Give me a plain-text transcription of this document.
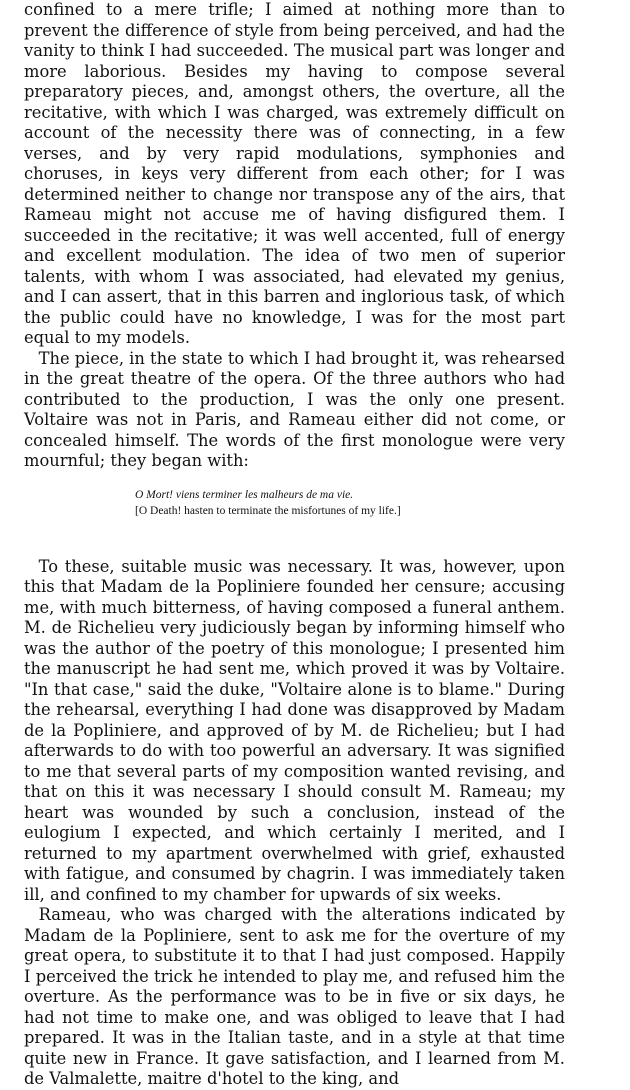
confined to a mere trifle; I aimed at nothing more than to prevent the difference of style from being perceived, and had the vanity to think I had succeeded. The musical part was longer and more laborious. Besides my having to compose several preparatory pieces, and, amongst others, the overture, all the recitative, with which I was charged, was extremely difficult on account of the necessity there was of connecting, in a few verses, and by very rapid modulations, symphonies and choruses, in keys very different from each other; for I was determined neither to change nor transpose any of the airs, that Rameau might not accuse me of having disfigured them. I succeeded in the recitative; it was well accented, full of energy and excellent modulation. The idea of two men of superior talents, with whom I was associated, had elevated my genius, and I can assert, that in this barren and inglorious task, of which the public could have no knowledge, I was for the most part equal to my models.

The piece, in the state to which I had brought it, was rehearsed in the great theatre of the opera. Of the three authors who had contributed to the production, I was the only one present. Voltaire was not in Paris, and Rameau either did not come, or concealed himself. The words of the first monologue were very mournful; they began with:

O Mort! viens terminer les malheurs de ma vie.
[O Death! hasten to terminate the misfortunes of my life.]

To these, suitable music was necessary. It was, however, upon this that Madam de la Popliniere founded her censure; accusing me, with much bitterness, of having composed a funeral anthem. M. de Richelieu very judiciously began by informing himself who was the author of the poetry of this monologue; I presented him the manuscript he had sent me, which proved it was by Voltaire. "In that case," said the duke, "Voltaire alone is to blame." During the rehearsal, everything I had done was disapproved by Madam de la Popliniere, and approved of by M. de Richelieu; but I had afterwards to do with too powerful an adversary. It was signified to me that several parts of my composition wanted revising, and that on this it was necessary I should consult M. Rameau; my heart was wounded by such a conclusion, instead of the eulogium I expected, and which certainly I merited, and I returned to my apartment overwhelmed with grief, exhausted with fatigue, and consumed by chagrin. I was immediately taken ill, and confined to my chamber for upwards of six weeks.

Rameau, who was charged with the alterations indicated by Madam de la Popliniere, sent to ask me for the overture of my great opera, to substitute it to that I had just composed. Happily I perceived the trick he intended to play me, and refused him the overture. As the performance was to be in five or six days, he had not time to make one, and was obliged to leave that I had prepared. It was in the Italian taste, and in a style at that time quite new in France. It gave satisfaction, and I learned from M. de Valmalette, maitre d'hotel to the king, and
